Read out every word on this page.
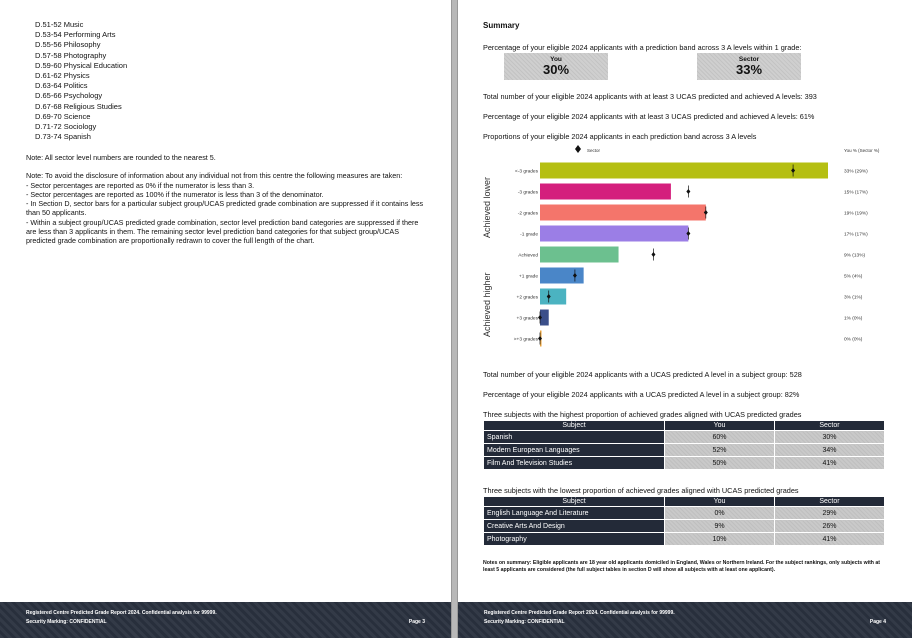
D.51-52 Music
D.53-54 Performing Arts
D.55-56 Philosophy
D.57-58 Photography
D.59-60 Physical Education
D.61-62 Physics
D.63-64 Politics
D.65-66 Psychology
D.67-68 Religious Studies
D.69-70 Science
D.71-72 Sociology
D.73-74 Spanish

Note: All sector level numbers are rounded to the nearest 5.

Note: To avoid the disclosure of information about any individual not from this centre the following measures are taken:
- Sector percentages are reported as 0% if the numerator is less than 3.
- Sector percentages are reported as 100% if the numerator is less than 3 of the denominator.
- In Section D, sector bars for a particular subject group/UCAS predicted grade combination are suppressed if it contains less than 50 applicants.
- Within a subject group/UCAS predicted grade combination, sector level prediction band categories are suppressed if there are less than 3 applicants in them. The remaining sector level prediction band categories for that subject group/UCAS predicted grade combination are proportionally redrawn to cover the full length of the chart.
Registered Centre Predicted Grade Report 2024. Confidential analysis for 99999.
Security Marking: CONFIDENTIAL	Page 3
Registered Centre Predicted Grade Report 2024. Confidential analysis for 99999.
Security Marking: CONFIDENTIAL	Page 4
Summary
Percentage of your eligible 2024 applicants with a prediction band across 3 A levels within 1 grade:
You
30%
Sector
33%
Total number of your eligible 2024 applicants with at least 3 UCAS predicted and achieved A levels: 393
Percentage of your eligible 2024 applicants with at least 3 UCAS predicted and achieved A levels: 61%
Proportions of your eligible 2024 applicants in each prediction band across 3 A levels
Sector	You % (Sector %)
Achieved lower
Achieved higher
<-3 grades	33% (29%)
-3 grades	15% (17%)
-2 grades	19% (19%)
-1 grade	17% (17%)
Achieved	9% (13%)
+1 grade	5% (4%)
+2 grades	3% (1%)
+3 grades	1% (0%)
>+3 grades	0% (0%)
Total number of your eligible 2024 applicants with a UCAS predicted A level in a subject group: 528
Percentage of your eligible 2024 applicants with a UCAS predicted A level in a subject group: 82%
Three subjects with the highest proportion of achieved grades aligned with UCAS predicted grades
Subject	You	Sector
Spanish	60%	30%
Modern European Languages	52%	34%
Film And Television Studies	50%	41%
Three subjects with the lowest proportion of achieved grades aligned with UCAS predicted grades
Subject	You	Sector
English Language And Literature	0%	29%
Creative Arts And Design	9%	26%
Photography	10%	41%
Notes on summary: Eligible applicants are 18 year old applicants domiciled in England, Wales or Northern Ireland. For the subject rankings, only subjects with at least 5 applicants are considered (the full subject tables in section D will show all subjects with at least one applicant).
